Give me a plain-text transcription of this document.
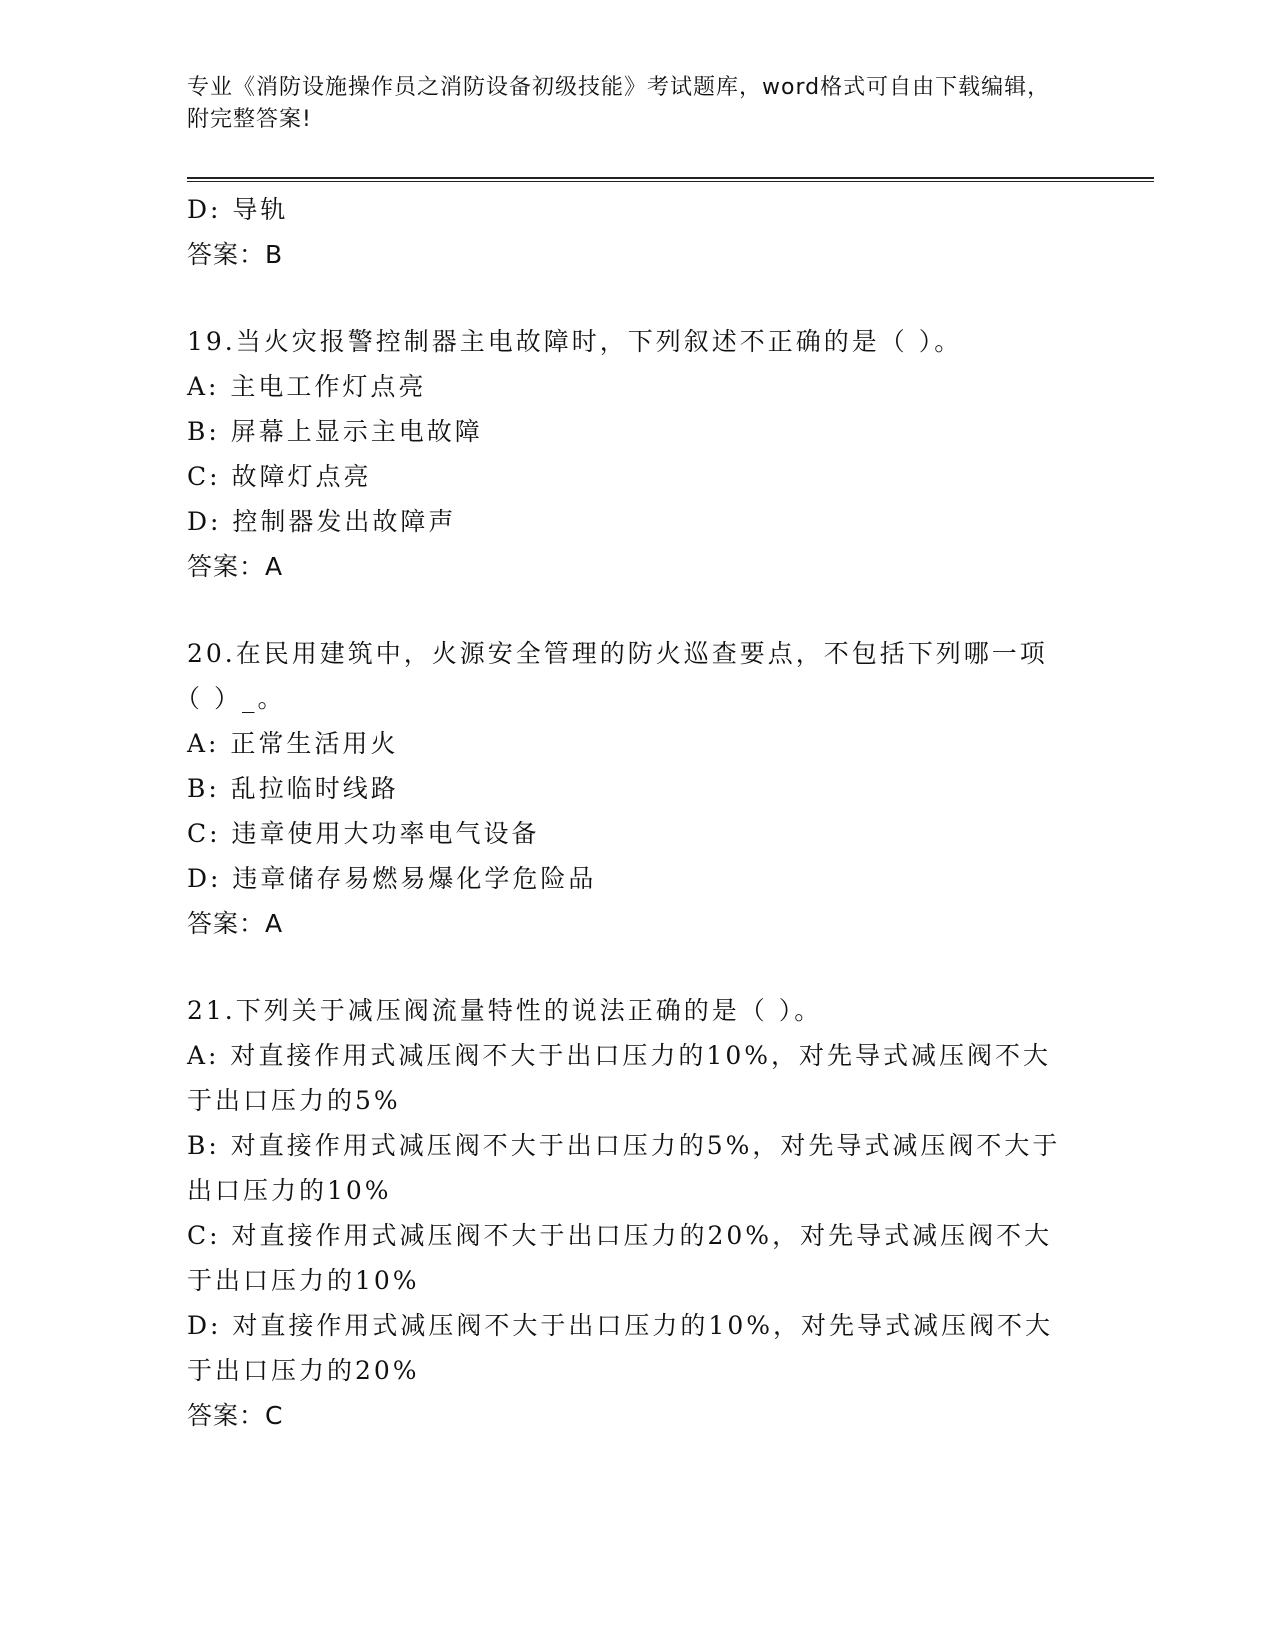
专业《消防设施操作员之消防设备初级技能》考试题库，word格式可自由下载编辑，附完整答案!
D: 导轨
答案：B
19.当火灾报警控制器主电故障时，下列叙述不正确的是（ ）。
A: 主电工作灯点亮
B: 屏幕上显示主电故障
C: 故障灯点亮
D: 控制器发出故障声
答案：A
20.在民用建筑中，火源安全管理的防火巡查要点，不包括下列哪一项
（ ）_。
A: 正常生活用火
B: 乱拉临时线路
C: 违章使用大功率电气设备
D: 违章储存易燃易爆化学危险品
答案：A
21.下列关于减压阀流量特性的说法正确的是（ ）。
A: 对直接作用式减压阀不大于出口压力的10%，对先导式减压阀不大于出口压力的5%
B: 对直接作用式减压阀不大于出口压力的5%，对先导式减压阀不大于出口压力的10%
C: 对直接作用式减压阀不大于出口压力的20%，对先导式减压阀不大于出口压力的10%
D: 对直接作用式减压阀不大于出口压力的10%，对先导式减压阀不大于出口压力的20%
答案：C
